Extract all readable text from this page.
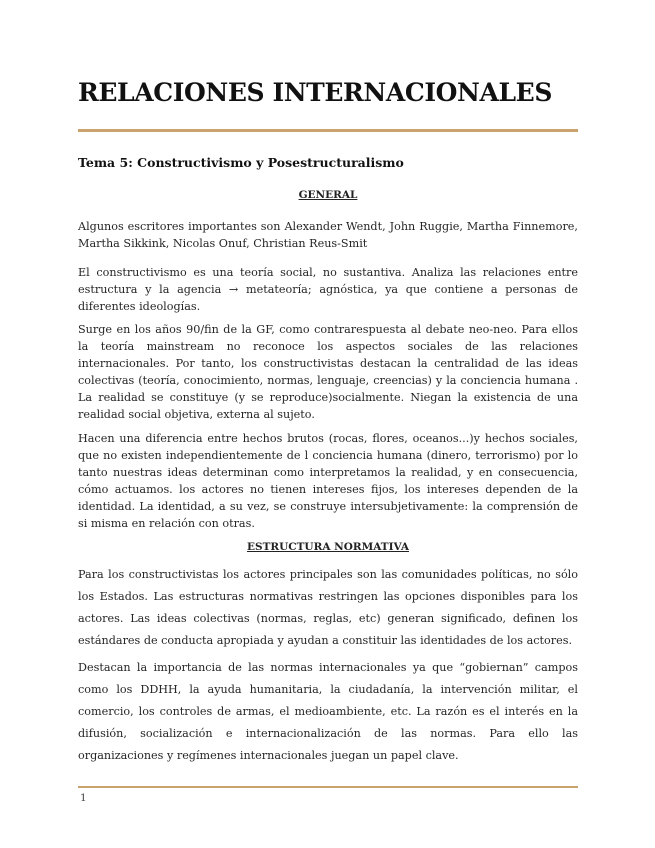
RELACIONES INTERNACIONALES
Tema 5: Constructivismo y Posestructuralismo
GENERAL

Algunos escritores importantes son Alexander Wendt, John Ruggie, Martha Finnemore, Martha Sikkink, Nicolas Onuf, Christian Reus-Smit

El constructivismo es una teoría social, no sustantiva. Analiza las relaciones entre estructura y la agencia → metateoría; agnóstica, ya que contiene a personas de diferentes ideologías.

Surge en los años 90/fin de la GF, como contrarespuesta al debate neo-neo. Para ellos la teoría mainstream no reconoce los aspectos sociales de las relaciones internacionales. Por tanto, los constructivistas destacan la centralidad de las ideas colectivas (teoría, conocimiento, normas, lenguaje, creencias) y la conciencia humana . La realidad se constituye (y se reproduce)socialmente. Niegan la existencia de una realidad social objetiva, externa al sujeto.

Hacen una diferencia entre hechos brutos (rocas, flores, oceanos...)y hechos sociales, que no existen independientemente de l conciencia humana (dinero, terrorismo) por lo tanto nuestras ideas determinan como interpretamos la realidad, y en consecuencia, cómo actuamos. los actores no tienen intereses fijos, los intereses dependen de la identidad. La identidad, a su vez, se construye intersubjetivamente: la comprensión de si misma en relación con otras.

ESTRUCTURA NORMATIVA

Para los constructivistas los actores principales son las comunidades políticas, no sólo los Estados. Las estructuras normativas restringen las opciones disponibles para los actores. Las ideas colectivas (normas, reglas, etc) generan significado, definen los estándares de conducta apropiada y ayudan a constituir las identidades de los actores.

Destacan la importancia de las normas internacionales ya que “gobiernan” campos como los DDHH, la ayuda humanitaria, la ciudadanía, la intervención militar, el comercio, los controles de armas, el medioambiente, etc. La razón es el interés en la difusión, socialización e internacionalización de las normas. Para ello las organizaciones y regímenes internacionales juegan un papel clave.

1
